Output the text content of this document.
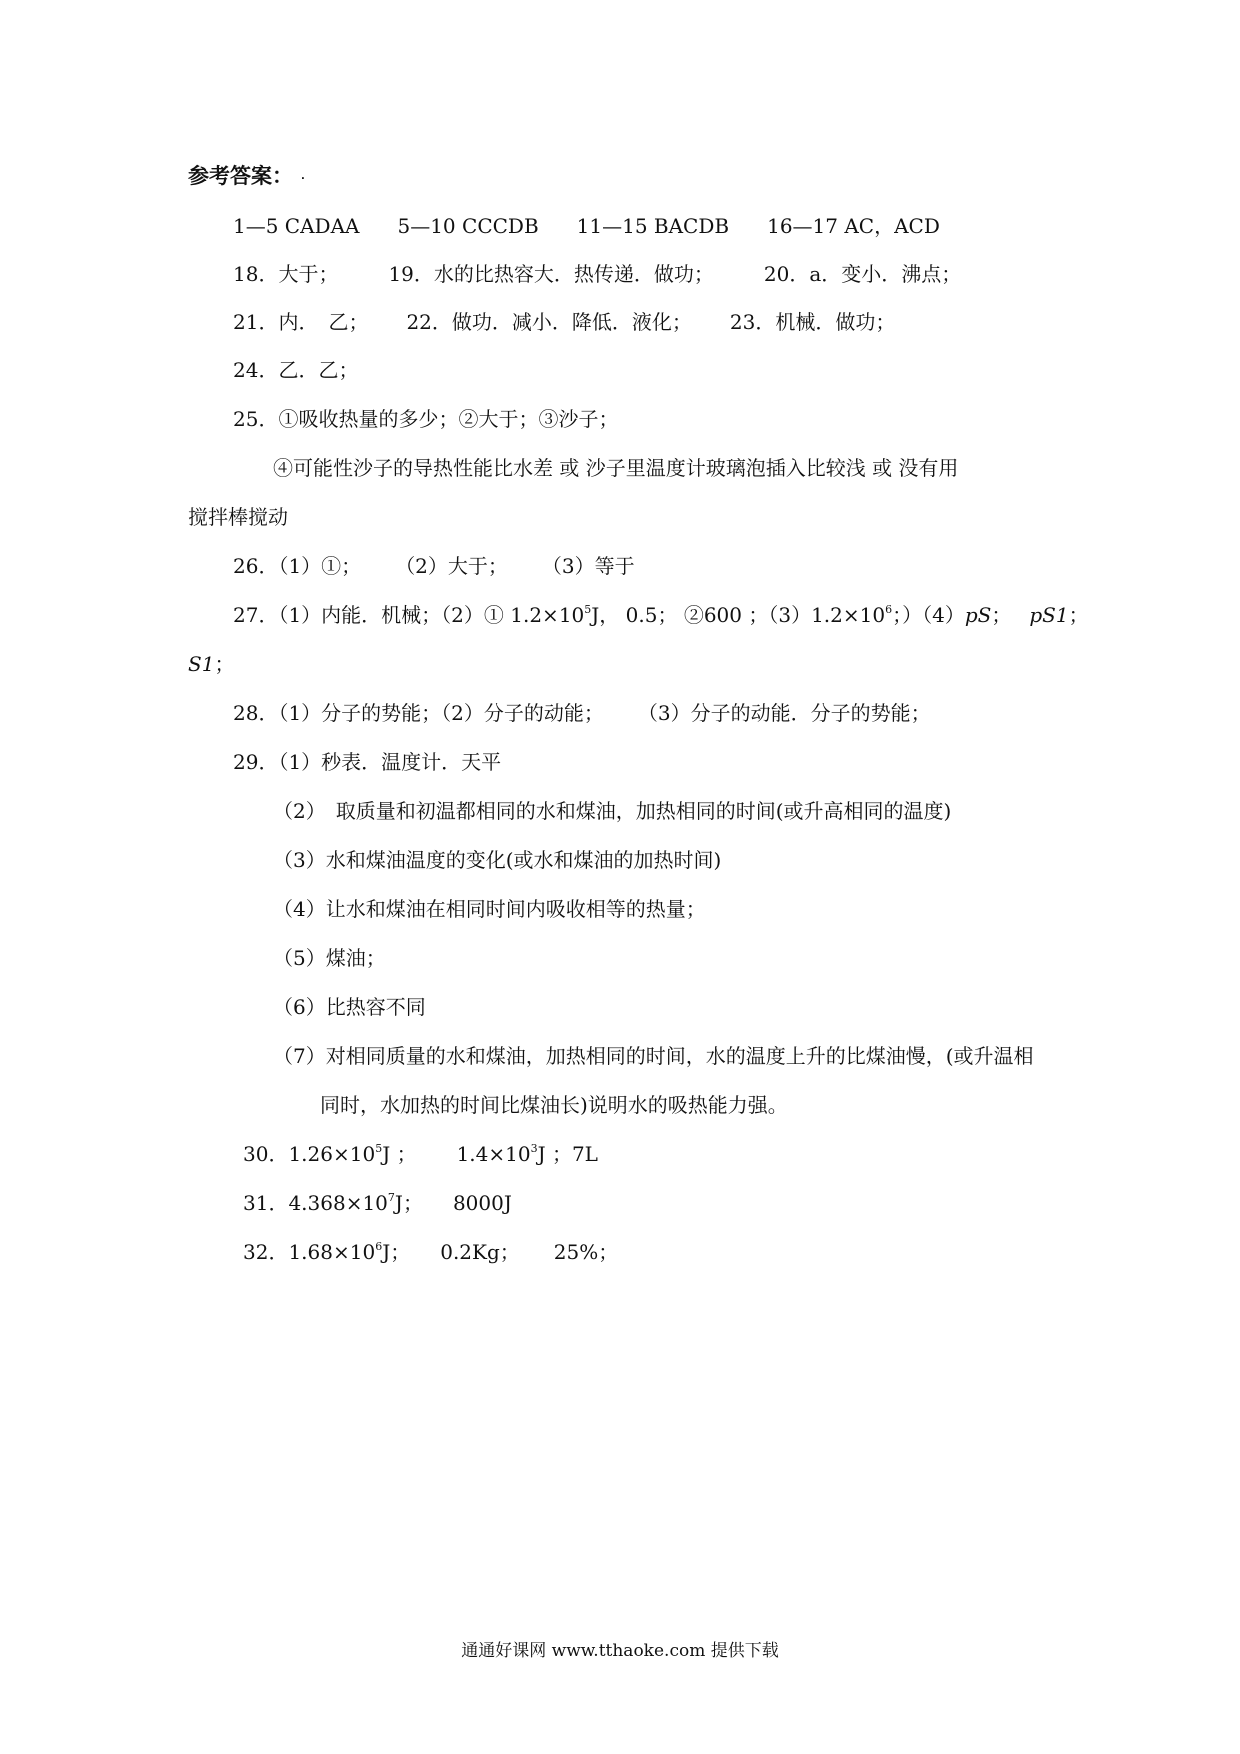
参考答案： .
1—5 CADAA 5—10 CCCDB 11—15 BACDB 16—17 AC，ACD
18．大于；	19．水的比热容大．热传递．做功；	20．a．变小．沸点；
21．内．　乙； 22．做功．减小．降低．液化； 23．机械．做功；
24．乙．乙；
25．①吸收热量的多少；②大于；③沙子；
④可能性沙子的导热性能比水差 或 沙子里温度计玻璃泡插入比较浅 或 没有用
搅拌棒搅动
26．（1）①； （2）大于； （3）等于
27．（1）内能．机械；（2）① $1.2\times 10^5J$， 0.5； ②600 ；$(3)1.2\times 10^6$；）（4）pS； pS1；
S1；
28．（1）分子的势能；（2）分子的动能； （3）分子的动能．分子的势能；
29．（1）秒表．温度计．天平
（2）　取质量和初温都相同的水和煤油，加热相同的时间(或升高相同的温度)
（3）水和煤油温度的变化(或水和煤油的加热时间)
（4）让水和煤油在相同时间内吸收相等的热量；
（5）煤油；
（6）比热容不同
（7）对相同质量的水和煤油，加热相同的时间，水的温度上升的比煤油慢，(或升温相
同时，水加热的时间比煤油长)说明水的吸热能力强。
30．$1.26\times 10^5J$ ； $1.4\times 10^3J$ ；7L
31．$4.368\times 10^7J$； 8000J
32．$1.68\times 10^6J$； 0.2Kg； 25%；
通通好课网 www.tthaoke.com 提供下载
